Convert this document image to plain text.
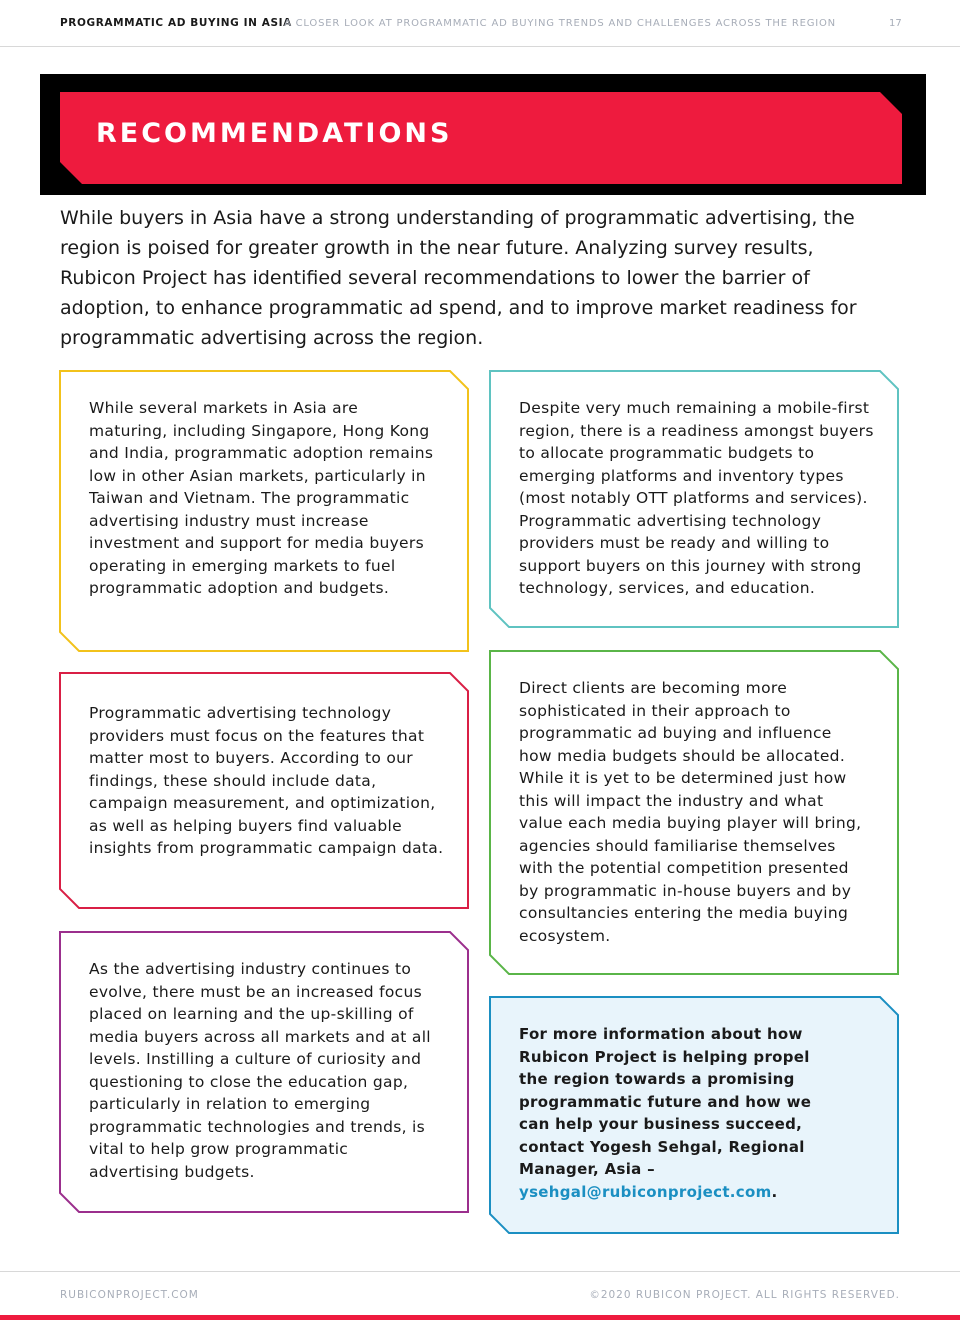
PROGRAMMATIC AD BUYING IN ASIA
A CLOSER LOOK AT PROGRAMMATIC AD BUYING TRENDS AND CHALLENGES ACROSS THE REGION	17
RECOMMENDATIONS

While buyers in Asia have a strong understanding of programmatic advertising, the region is poised for greater growth in the near future. Analyzing survey results, Rubicon Project has identified several recommendations to lower the barrier of adoption, to enhance programmatic ad spend, and to improve market readiness for programmatic advertising across the region.

While several markets in Asia are maturing, including Singapore, Hong Kong and India, programmatic adoption remains low in other Asian markets, particularly in Taiwan and Vietnam. The programmatic advertising industry must increase investment and support for media buyers operating in emerging markets to fuel programmatic adoption and budgets.

Despite very much remaining a mobile-first region, there is a readiness amongst buyers to allocate programmatic budgets to emerging platforms and inventory types (most notably OTT platforms and services). Programmatic advertising technology providers must be ready and willing to support buyers on this journey with strong technology, services, and education.

Programmatic advertising technology providers must focus on the features that matter most to buyers. According to our findings, these should include data, campaign measurement, and optimization, as well as helping buyers find valuable insights from programmatic campaign data.

Direct clients are becoming more sophisticated in their approach to programmatic ad buying and influence how media budgets should be allocated. While it is yet to be determined just how this will impact the industry and what value each media buying player will bring, agencies should familiarise themselves with the potential competition presented by programmatic in-house buyers and by consultancies entering the media buying ecosystem.

As the advertising industry continues to evolve, there must be an increased focus placed on learning and the up-skilling of media buyers across all markets and at all levels. Instilling a culture of curiosity and questioning to close the education gap, particularly in relation to emerging programmatic technologies and trends, is vital to help grow programmatic advertising budgets.

For more information about how Rubicon Project is helping propel the region towards a promising programmatic future and how we can help your business succeed, contact Yogesh Sehgal, Regional Manager, Asia – ysehgal@rubiconproject.com.

RUBICONPROJECT.COM	©2020 RUBICON PROJECT. ALL RIGHTS RESERVED.
